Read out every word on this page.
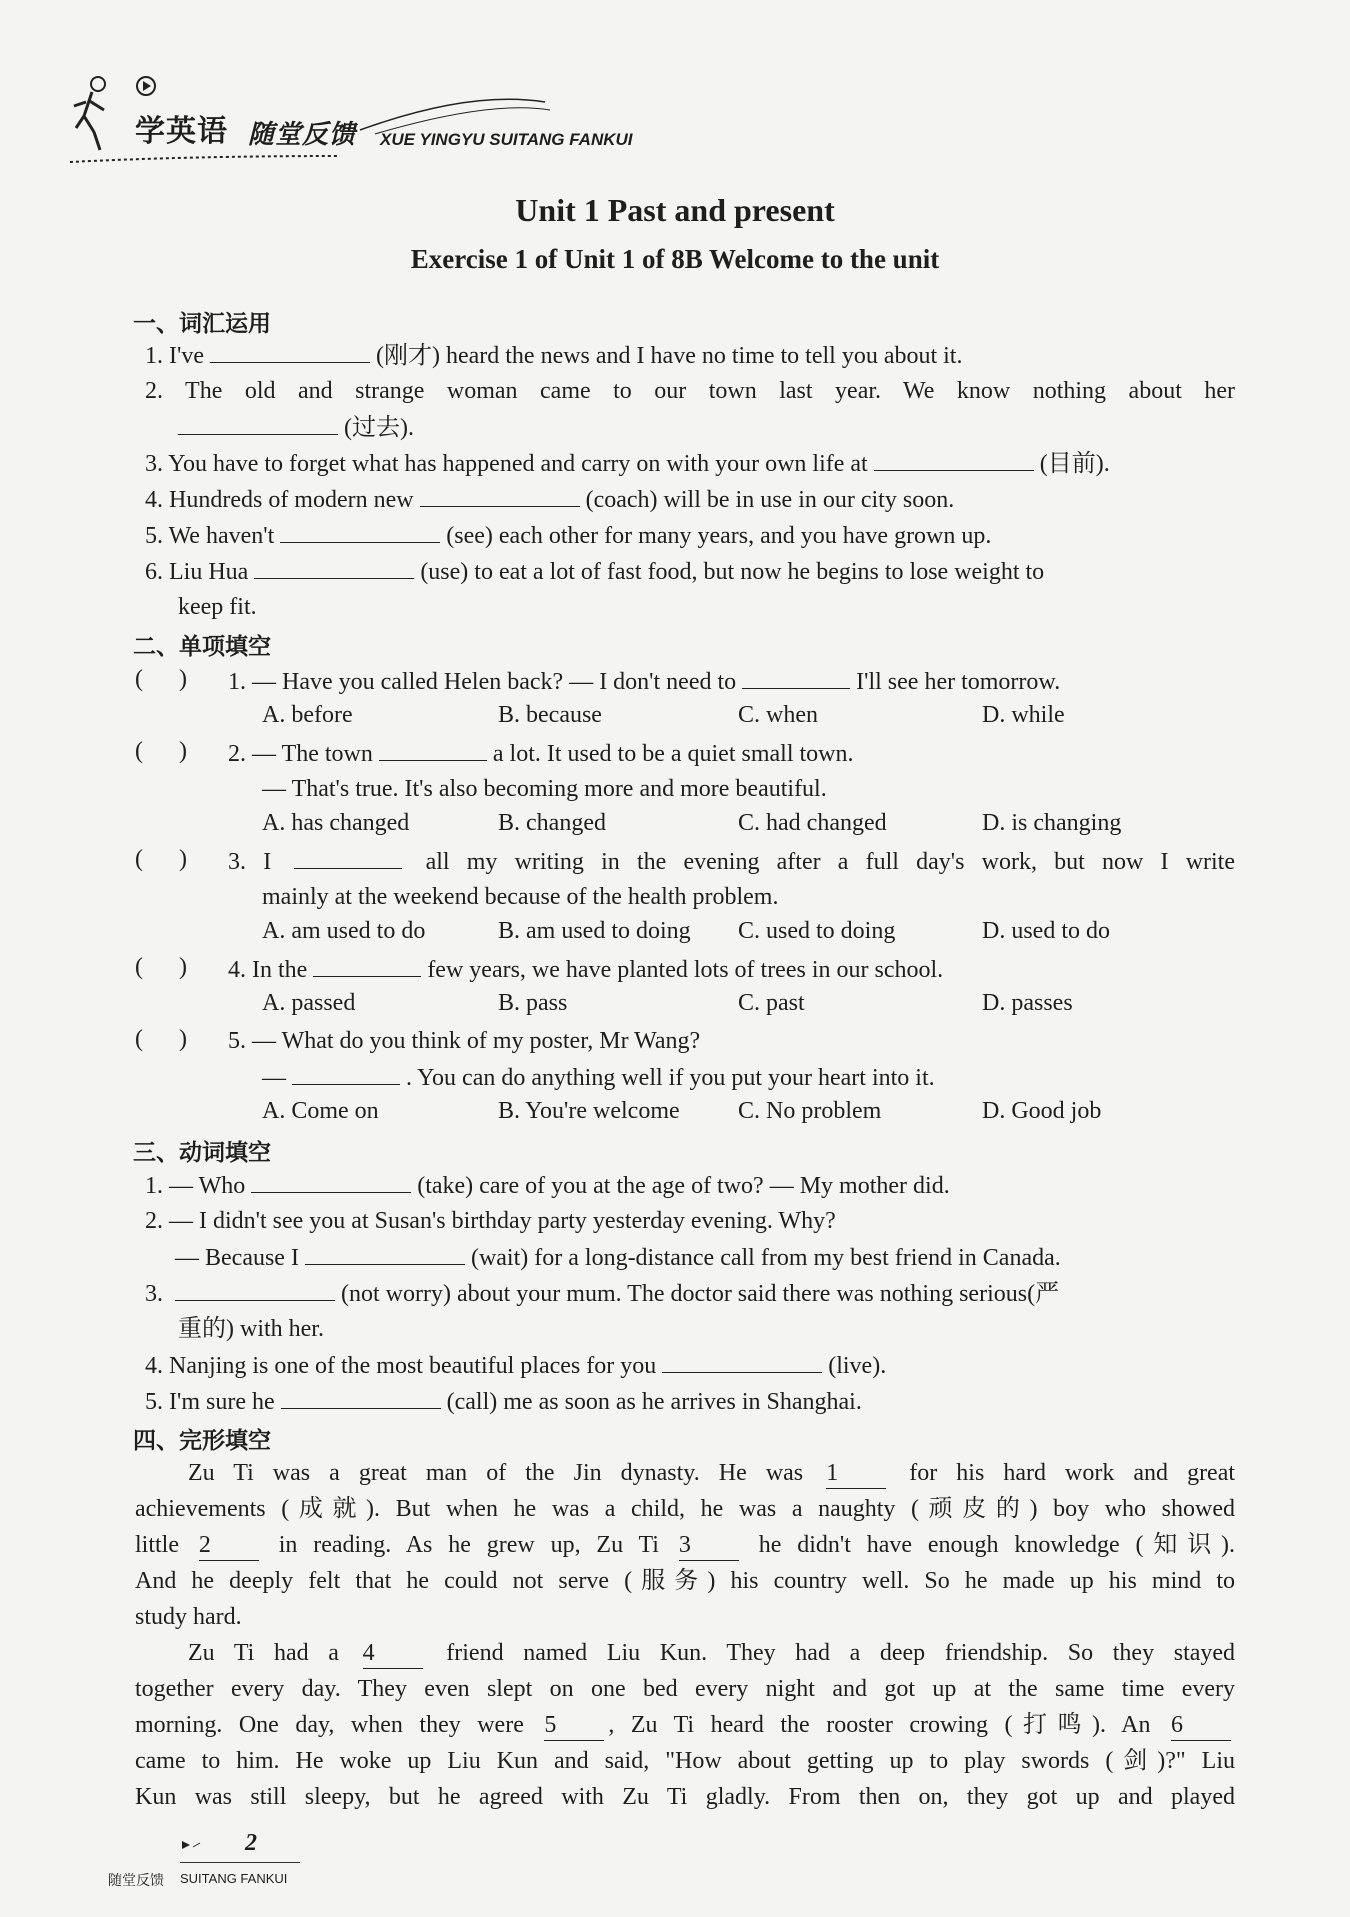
学英语 随堂反馈 XUE YINGYU SUITANG FANKUI
Unit 1 Past and present
Exercise 1 of Unit 1 of 8B Welcome to the unit
一、词汇运用
1. I've	(刚才) heard the news and I have no time to tell you about it.
2. The old and strange woman came to our town last year. We know nothing about her
(过去).
3. You have to forget what has happened and carry on with your own life at	(目前).
4. Hundreds of modern new	(coach) will be in use in our city soon.
5. We haven't	(see) each other for many years, and you have grown up.
6. Liu Hua	(use) to eat a lot of fast food, but now he begins to lose weight to
keep fit.
二、单项填空
(      ) 1. — Have you called Helen back? — I don't need to	I'll see her tomorrow.
A. before	B. because	C. when	D. while
(      ) 2. — The town	a lot. It used to be a quiet small town.
— That's true. It's also becoming more and more beautiful.
A. has changed	B. changed	C. had changed	D. is changing
(      ) 3. I	all my writing in the evening after a full day's work, but now I write
mainly at the weekend because of the health problem.
A. am used to do	B. am used to doing C. used to doing	D. used to do
(      ) 4. In the	few years, we have planted lots of trees in our school.
A. passed	B. pass	C. past	D. passes
(      ) 5. — What do you think of my poster, Mr Wang?
—	. You can do anything well if you put your heart into it.
A. Come on	B. You're welcome C. No problem	D. Good job
三、动词填空
1. — Who	(take) care of you at the age of two? — My mother did.
2. — I didn't see you at Susan's birthday party yesterday evening. Why?
— Because I	(wait) for a long-distance call from my best friend in Canada.
3.	(not worry) about your mum. The doctor said there was nothing serious(严
重的) with her.
4. Nanjing is one of the most beautiful places for you	(live).
5. I'm sure he	(call) me as soon as he arrives in Shanghai.
四、完形填空
Zu Ti was a great man of the Jin dynasty. He was 1	for his hard work and great
achievements (成就). But when he was a child, he was a naughty (顽皮的) boy who showed
little 2	in reading. As he grew up, Zu Ti 3	he didn't have enough knowledge (知识).
And he deeply felt that he could not serve (服务) his country well. So he made up his mind to
study hard.
Zu Ti had a 4	friend named Liu Kun. They had a deep friendship. So they stayed
together every day. They even slept on one bed every night and got up at the same time every
morning. One day, when they were 5 , Zu Ti heard the rooster crowing (打鸣). An 6
came to him. He woke up Liu Kun and said, "How about getting up to play swords (剑)?" Liu
Kun was still sleepy, but he agreed with Zu Ti gladly. From then on, they got up and played
2
随堂反馈 SUITANG FANKUI
